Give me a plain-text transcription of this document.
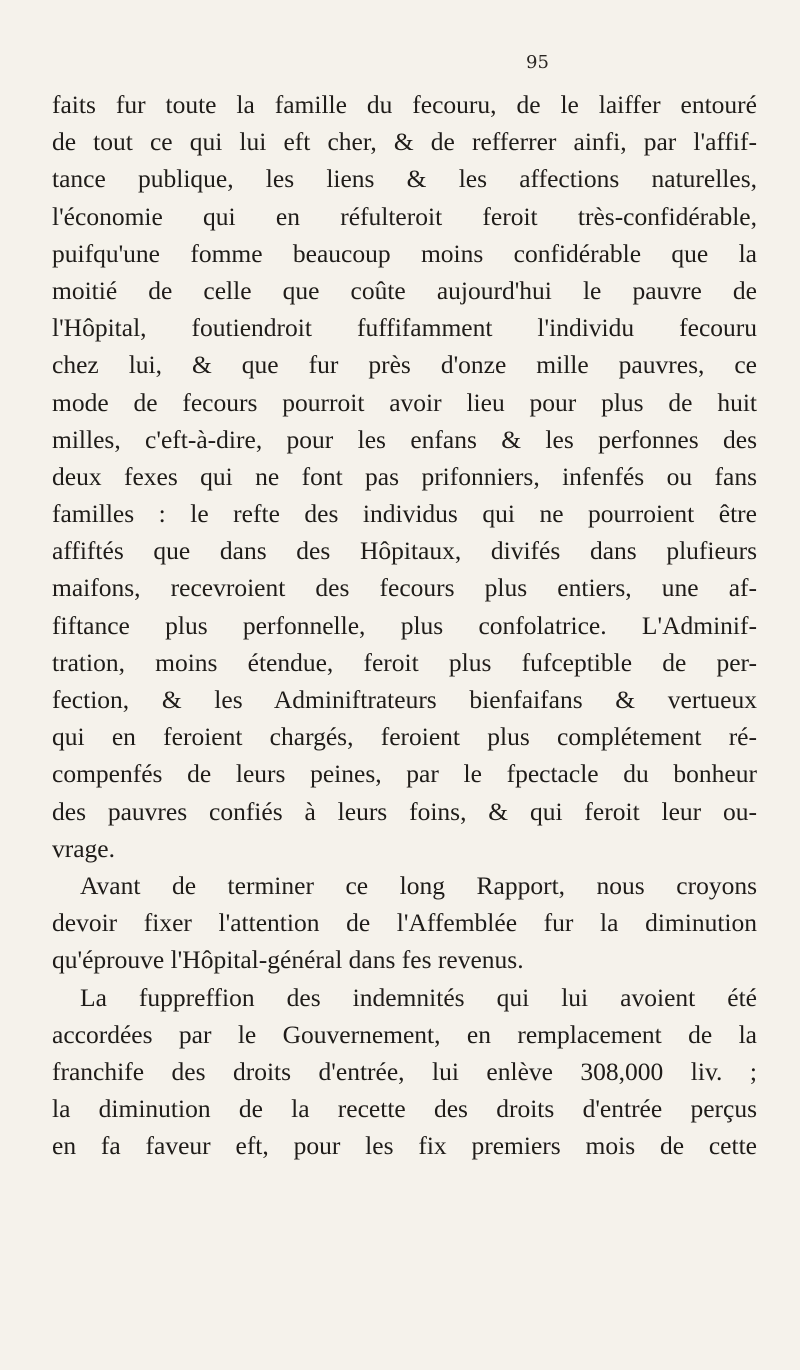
95
faits fur toute la famille du fecouru, de le laiffer entouré
de tout ce qui lui eft cher, & de refferrer ainfi, par l'affif-
tance publique, les liens & les affections naturelles,
l'économie qui en réfulteroit feroit très-confidérable,
puifqu'une fomme beaucoup moins confidérable que la
moitié de celle que coûte aujourd'hui le pauvre de
l'Hôpital, foutiendroit fuffifamment l'individu fecouru
chez lui, & que fur près d'onze mille pauvres, ce
mode de fecours pourroit avoir lieu pour plus de huit
milles, c'eft-à-dire, pour les enfans & les perfonnes des
deux fexes qui ne font pas prifonniers, infenfés ou fans
familles : le refte des individus qui ne pourroient être
affiftés que dans des Hôpitaux, divifés dans plufieurs
maifons, recevroient des fecours plus entiers, une af-
fiftance plus perfonnelle, plus confolatrice. L'Adminif-
tration, moins étendue, feroit plus fufceptible de per-
fection, & les Adminiftrateurs bienfaifans & vertueux
qui en feroient chargés, feroient plus complétement ré-
compenfés de leurs peines, par le fpectacle du bonheur
des pauvres confiés à leurs foins, & qui feroit leur ou-
vrage.
Avant de terminer ce long Rapport, nous croyons
devoir fixer l'attention de l'Affemblée fur la diminution
qu'éprouve l'Hôpital-général dans fes revenus.
La fuppreffion des indemnités qui lui avoient été
accordées par le Gouvernement, en remplacement de la
franchife des droits d'entrée, lui enlève 308,000 liv. ;
la diminution de la recette des droits d'entrée perçus
en fa faveur eft, pour les fix premiers mois de cette
